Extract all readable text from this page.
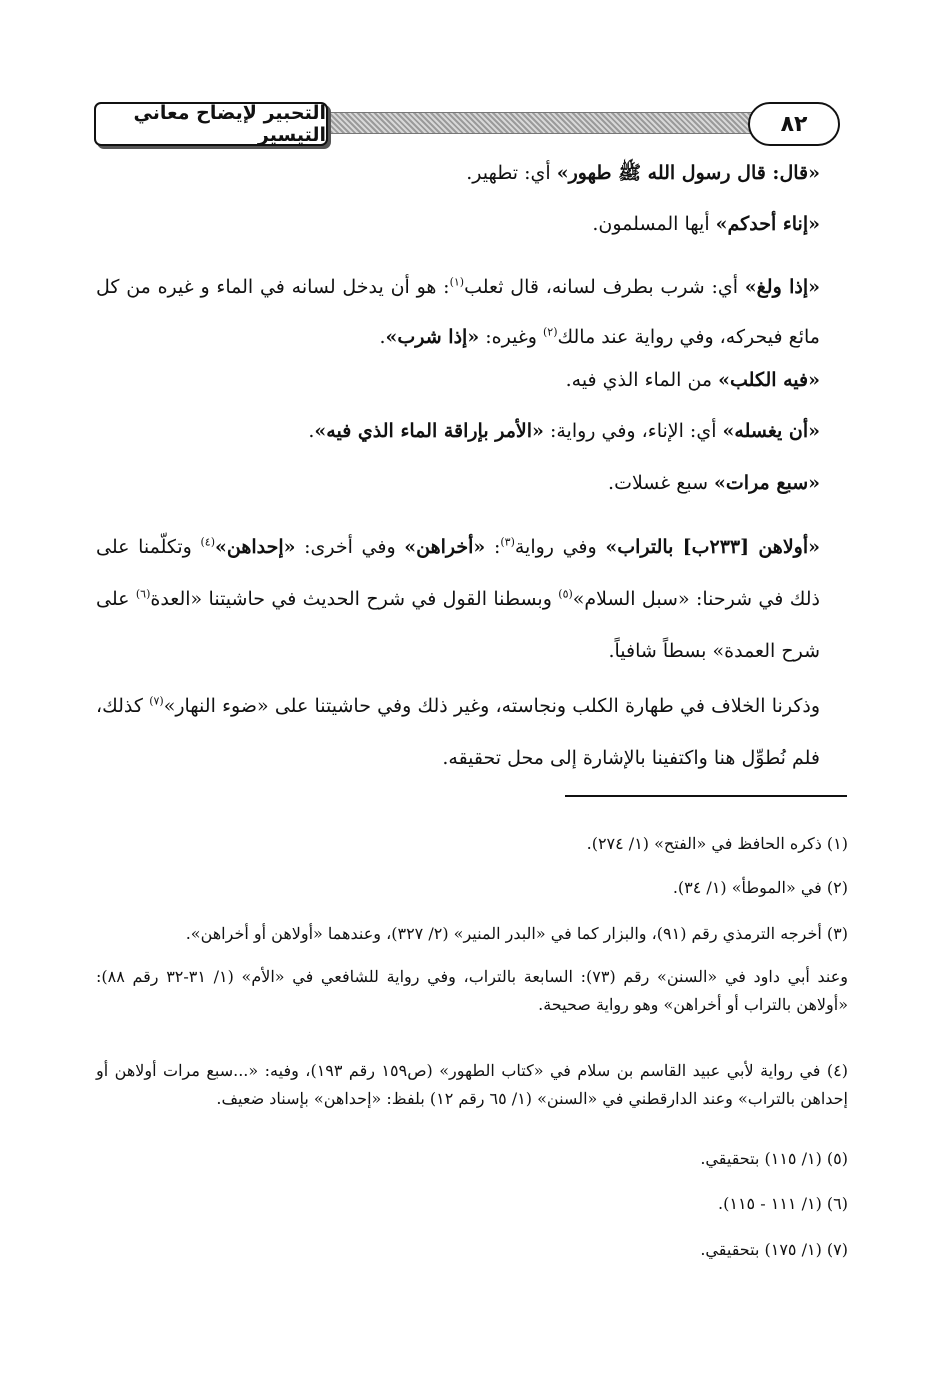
التحبير لإيضاح معاني التيسير	٨٢

«قال: قال رسول الله ﷺ طهور» أي: تطهير.

«إناء أحدكم» أيها المسلمون.

«إذا ولغ» أي: شرب بطرف لسانه، قال ثعلب$^{(١)}$: هو أن يدخل لسانه في الماء و غيره من كل مائع فيحركه، وفي رواية عند مالك$^{(٢)}$ وغيره: «إذا شرب».

«فيه الكلب» من الماء الذي فيه.

«أن يغسله» أي: الإناء، وفي رواية: «الأمر بإراقة الماء الذي فيه».

«سبع مرات» سبع غسلات.

«أولاهن [٢٣٣ب] بالتراب» وفي رواية$^{(٣)}$: «أخراهن» وفي أخرى: «إحداهن»$^{(٤)}$ وتكلّمنا على ذلك في شرحنا: «سبل السلام»$^{(٥)}$ وبسطنا القول في شرح الحديث في حاشيتنا «العدة$^{(٦)}$ على شرح العمدة» بسطاً شافياً.

وذكرنا الخلاف في طهارة الكلب ونجاسته، وغير ذلك وفي حاشيتنا على «ضوء النهار»$^{(٧)}$ كذلك، فلم نُطوِّل هنا واكتفينا بالإشارة إلى محل تحقيقه.

(١) ذكره الحافظ في «الفتح» (١/ ٢٧٤).

(٢) في «الموطأ» (١/ ٣٤).

(٣) أخرجه الترمذي رقم (٩١)، والبزار كما في «البدر المنير» (٢/ ٣٢٧)، وعندهما «أولاهن أو أخراهن».

وعند أبي داود في «السنن» رقم (٧٣): السابعة بالتراب، وفي رواية للشافعي في «الأم» (١/ ٣١-٣٢ رقم ٨٨): «أولاهن بالتراب أو أخراهن» وهو رواية صحيحة.

(٤) في رواية لأبي عبيد القاسم بن سلام في «كتاب الطهور» (ص١٥٩ رقم ١٩٣)، وفيه: «...سبع مرات أولاهن أو إحداهن بالتراب» وعند الدارقطني في «السنن» (١/ ٦٥ رقم ١٢) بلفظ: «إحداهن» بإسناد ضعيف.

(٥) (١/ ١١٥) بتحقيقي.

(٦) (١/ ١١١ - ١١٥).

(٧) (١/ ١٧٥) بتحقيقي.
